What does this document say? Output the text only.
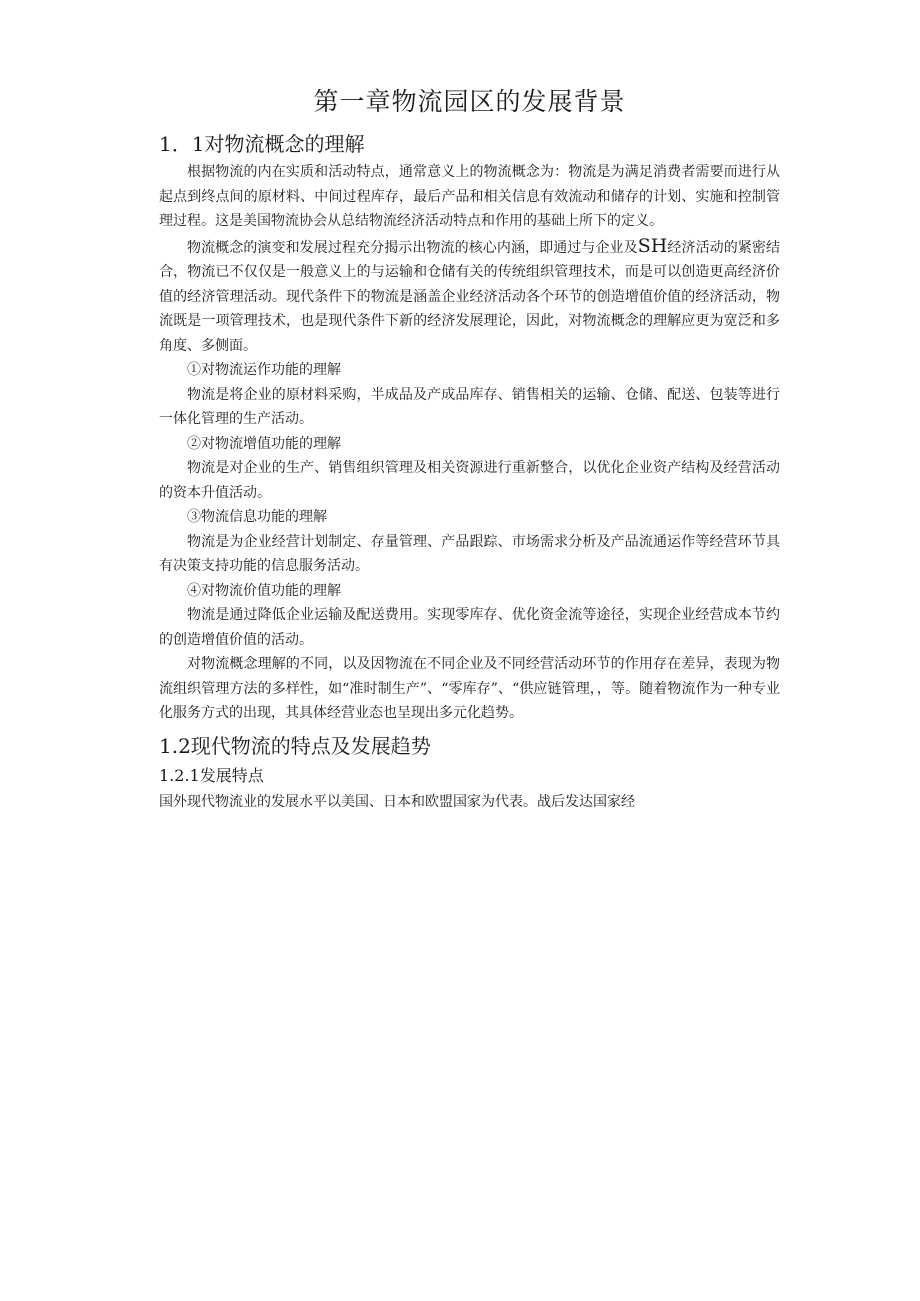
第一章物流园区的发展背景
1．1对物流概念的理解

根据物流的内在实质和活动特点，通常意义上的物流概念为：物流是为满足消费者需要而进行从起点到终点间的原材料、中间过程库存，最后产品和相关信息有效流动和储存的计划、实施和控制管理过程。这是美国物流协会从总结物流经济活动特点和作用的基础上所下的定义。

物流概念的演变和发展过程充分揭示出物流的核心内涵，即通过与企业及SH经济活动的紧密结合，物流已不仅仅是一般意义上的与运输和仓储有关的传统组织管理技术，而是可以创造更高经济价值的经济管理活动。现代条件下的物流是涵盖企业经济活动各个环节的创造增值价值的经济活动，物流既是一项管理技术，也是现代条件下新的经济发展理论，因此，对物流概念的理解应更为宽泛和多角度、多侧面。

①对物流运作功能的理解

物流是将企业的原材料采购，半成品及产成品库存、销售相关的运输、仓储、配送、包装等进行一体化管理的生产活动。

②对物流增值功能的理解

物流是对企业的生产、销售组织管理及相关资源进行重新整合，以优化企业资产结构及经营活动的资本升值活动。

③物流信息功能的理解

物流是为企业经营计划制定、存量管理、产品跟踪、市场需求分析及产品流通运作等经营环节具有决策支持功能的信息服务活动。

④对物流价值功能的理解

物流是通过降低企业运输及配送费用。实现零库存、优化资金流等途径，实现企业经营成本节约的创造增值价值的活动。

对物流概念理解的不同，以及因物流在不同企业及不同经营活动环节的作用存在差异，表现为物流组织管理方法的多样性，如“准时制生产”、“零库存”、“供应链管理，，等。随着物流作为一种专业化服务方式的出现，其具体经营业态也呈现出多元化趋势。

1.2现代物流的特点及发展趋势
1.2.1发展特点

国外现代物流业的发展水平以美国、日本和欧盟国家为代表。战后发达国家经
